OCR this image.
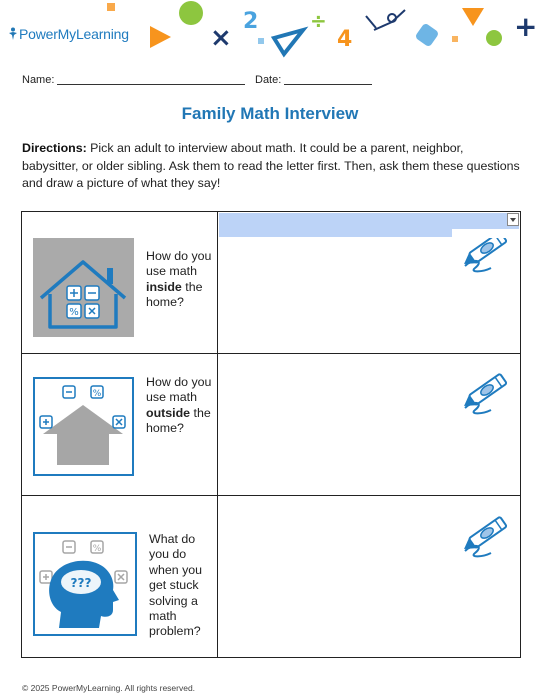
×
2	÷
4	+
PowerMyLearning
Name:	Date:
Family Math Interview
Directions: Pick an adult to interview about math. It could be a parent, neighbor, babysitter, or older sibling. Ask them to read the letter first. Then, ask them these questions and draw a picture of what they say!
%
How do you use math inside the home?
%
How do you use math outside the home?
%
???
What do you do when you get stuck solving a math problem?
© 2025 PowerMyLearning. All rights reserved.
